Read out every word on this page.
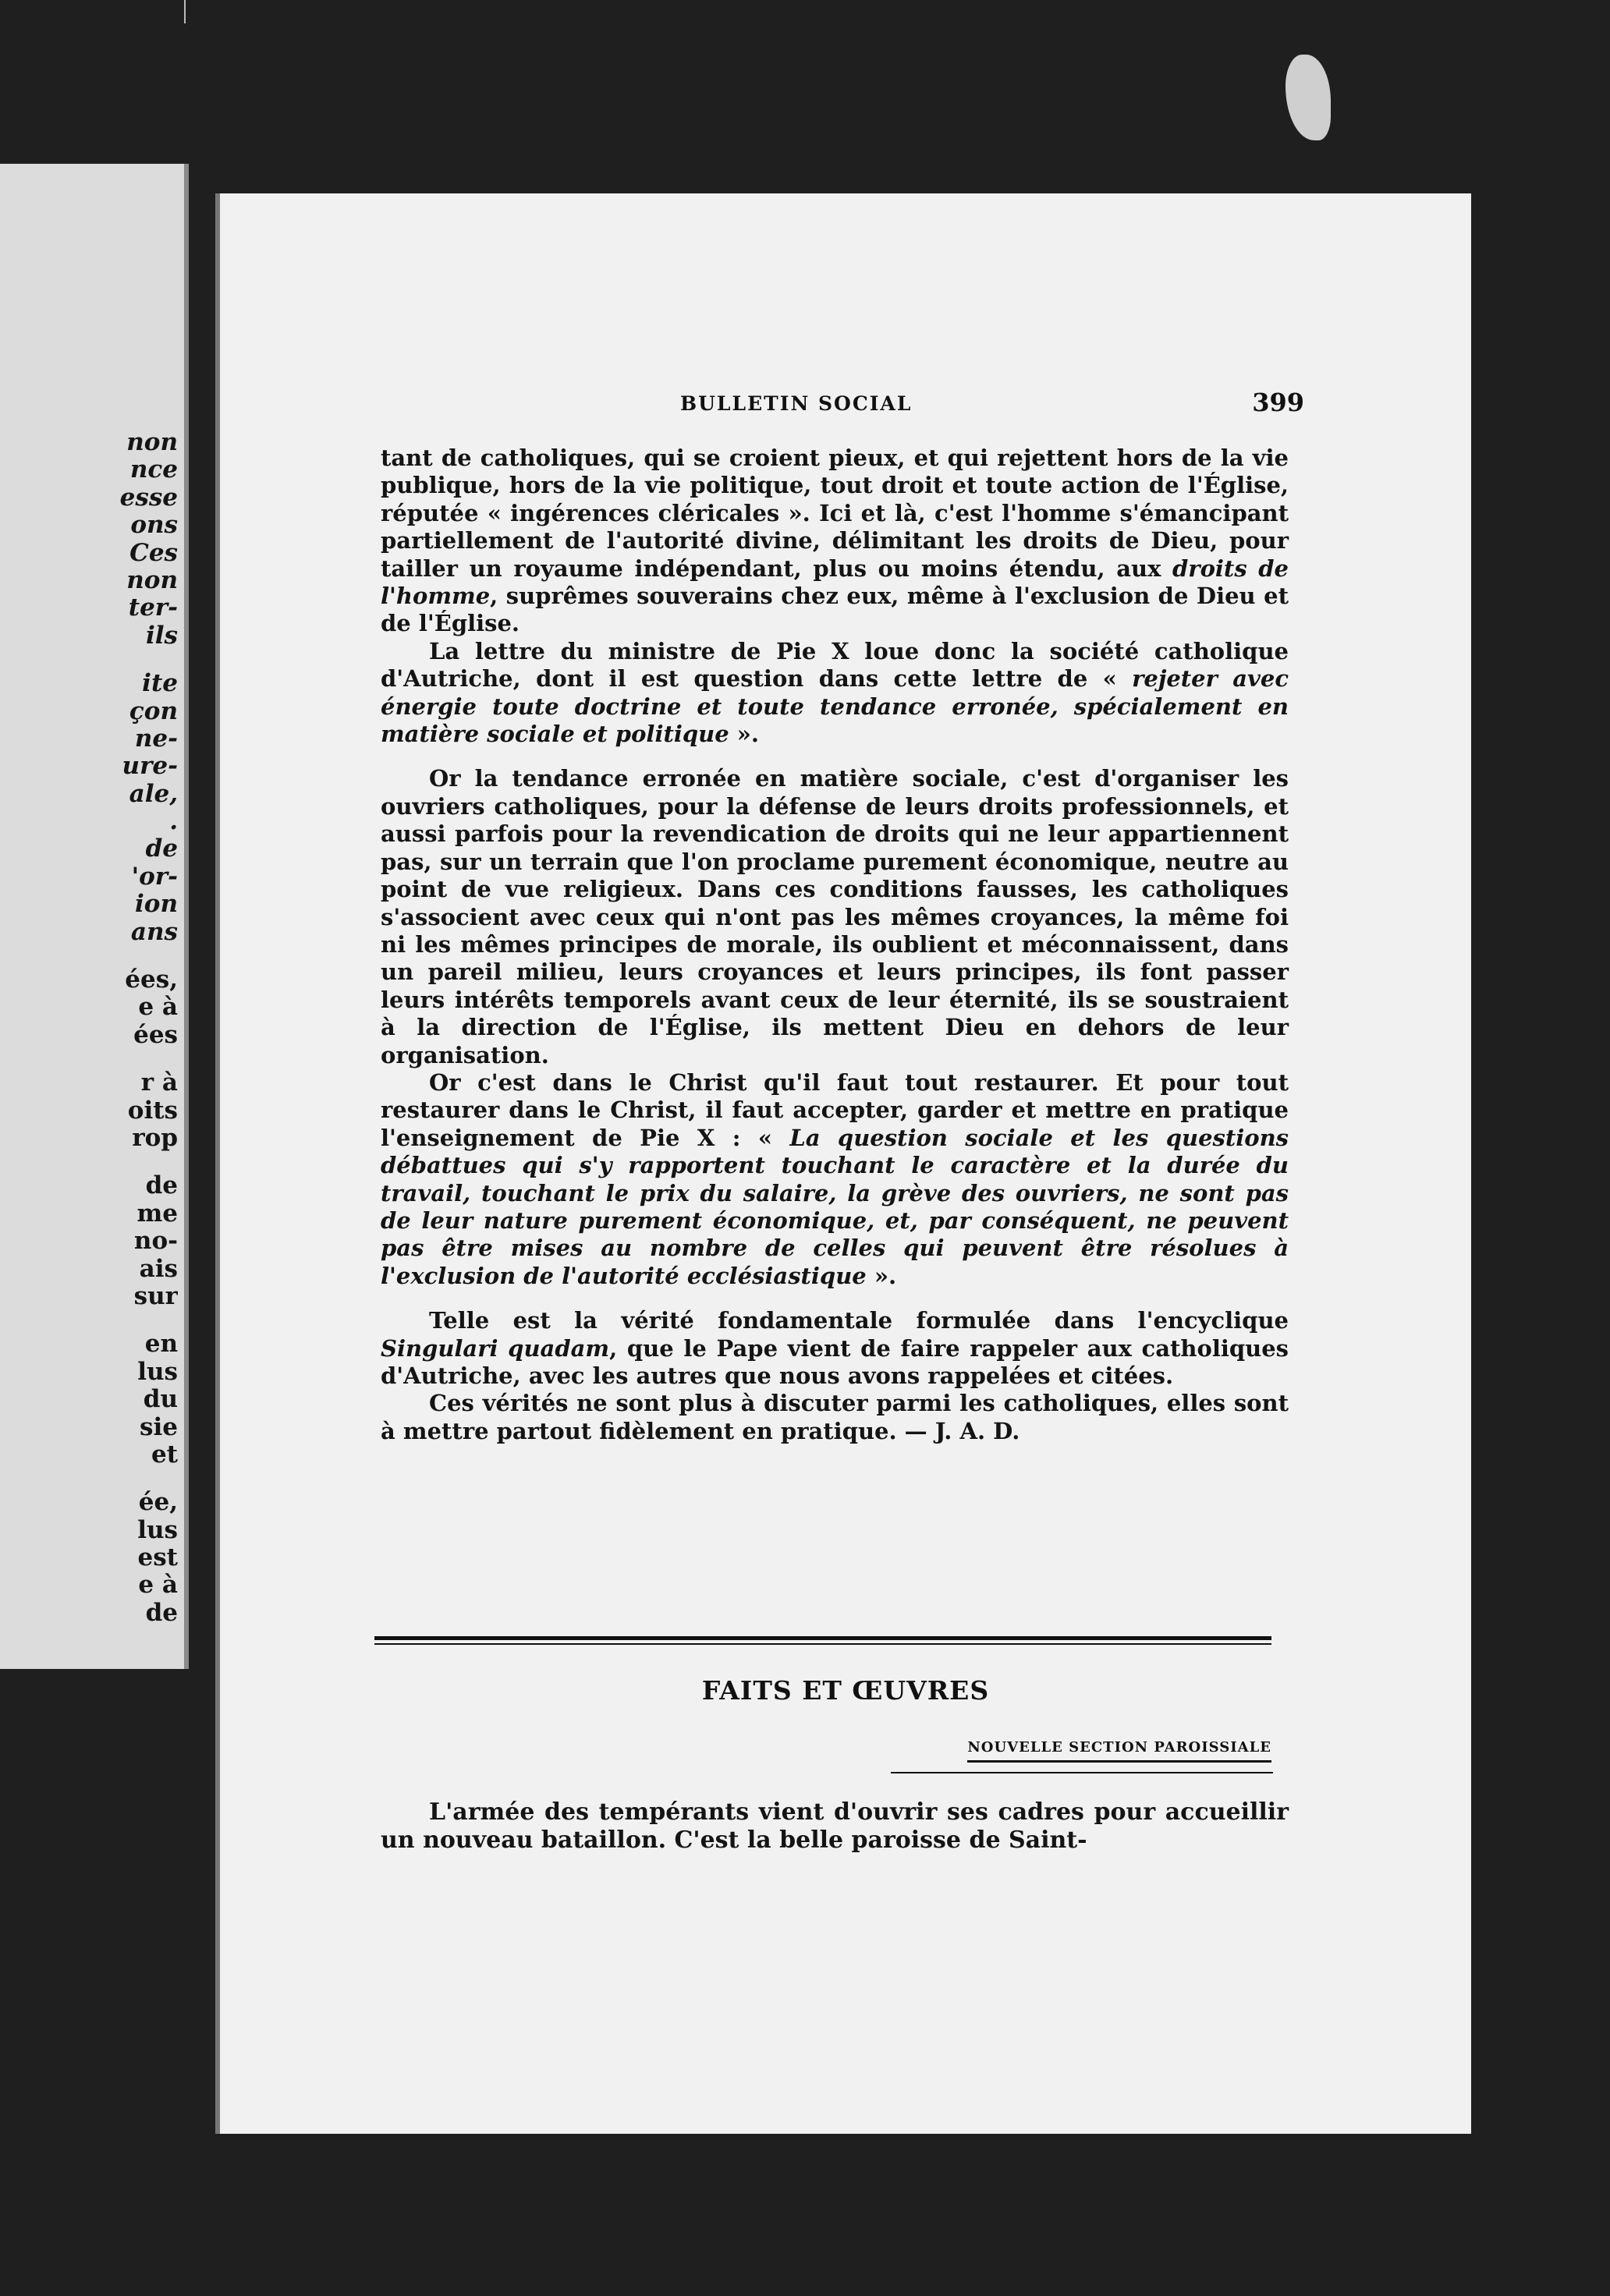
non
nce
esse
ons
Ces
non
ter-
ils
ite
çon
ne-
ure-
ale,
.
de
'or-
ion
ans
ées,
e à
ées
r à
oits
rop
de
me
no-
ais
sur
en
lus
du
sie
et
ée,
lus
est
e à
de
BULLETIN SOCIAL	399

tant de catholiques, qui se croient pieux, et qui rejettent hors de la vie publique, hors de la vie politique, tout droit et toute action de l'Église, réputée « ingérences cléricales ». Ici et là, c'est l'homme s'émancipant partiellement de l'autorité divine, délimitant les droits de Dieu, pour tailler un royaume indépendant, plus ou moins étendu, aux droits de l'homme, suprêmes souverains chez eux, même à l'exclusion de Dieu et de l'Église.

La lettre du ministre de Pie X loue donc la société catholique d'Autriche, dont il est question dans cette lettre de « rejeter avec énergie toute doctrine et toute tendance erronée, spécialement en matière sociale et politique ».

Or la tendance erronée en matière sociale, c'est d'organiser les ouvriers catholiques, pour la défense de leurs droits professionnels, et aussi parfois pour la revendication de droits qui ne leur appartiennent pas, sur un terrain que l'on proclame purement économique, neutre au point de vue religieux. Dans ces conditions fausses, les catholiques s'associent avec ceux qui n'ont pas les mêmes croyances, la même foi ni les mêmes principes de morale, ils oublient et méconnaissent, dans un pareil milieu, leurs croyances et leurs principes, ils font passer leurs intérêts temporels avant ceux de leur éternité, ils se soustraient à la direction de l'Église, ils mettent Dieu en dehors de leur organisation.

Or c'est dans le Christ qu'il faut tout restaurer. Et pour tout restaurer dans le Christ, il faut accepter, garder et mettre en pratique l'enseignement de Pie X : « La question sociale et les questions débattues qui s'y rapportent touchant le caractère et la durée du travail, touchant le prix du salaire, la grève des ouvriers, ne sont pas de leur nature purement économique, et, par conséquent, ne peuvent pas être mises au nombre de celles qui peuvent être résolues à l'exclusion de l'autorité ecclésiastique ».

Telle est la vérité fondamentale formulée dans l'encyclique Singulari quadam, que le Pape vient de faire rappeler aux catholiques d'Autriche, avec les autres que nous avons rappelées et citées.

Ces vérités ne sont plus à discuter parmi les catholiques, elles sont à mettre partout fidèlement en pratique. — J. A. D.

FAITS ET ŒUVRES
NOUVELLE SECTION PAROISSIALE

L'armée des tempérants vient d'ouvrir ses cadres pour accueillir un nouveau bataillon. C'est la belle paroisse de Saint-
